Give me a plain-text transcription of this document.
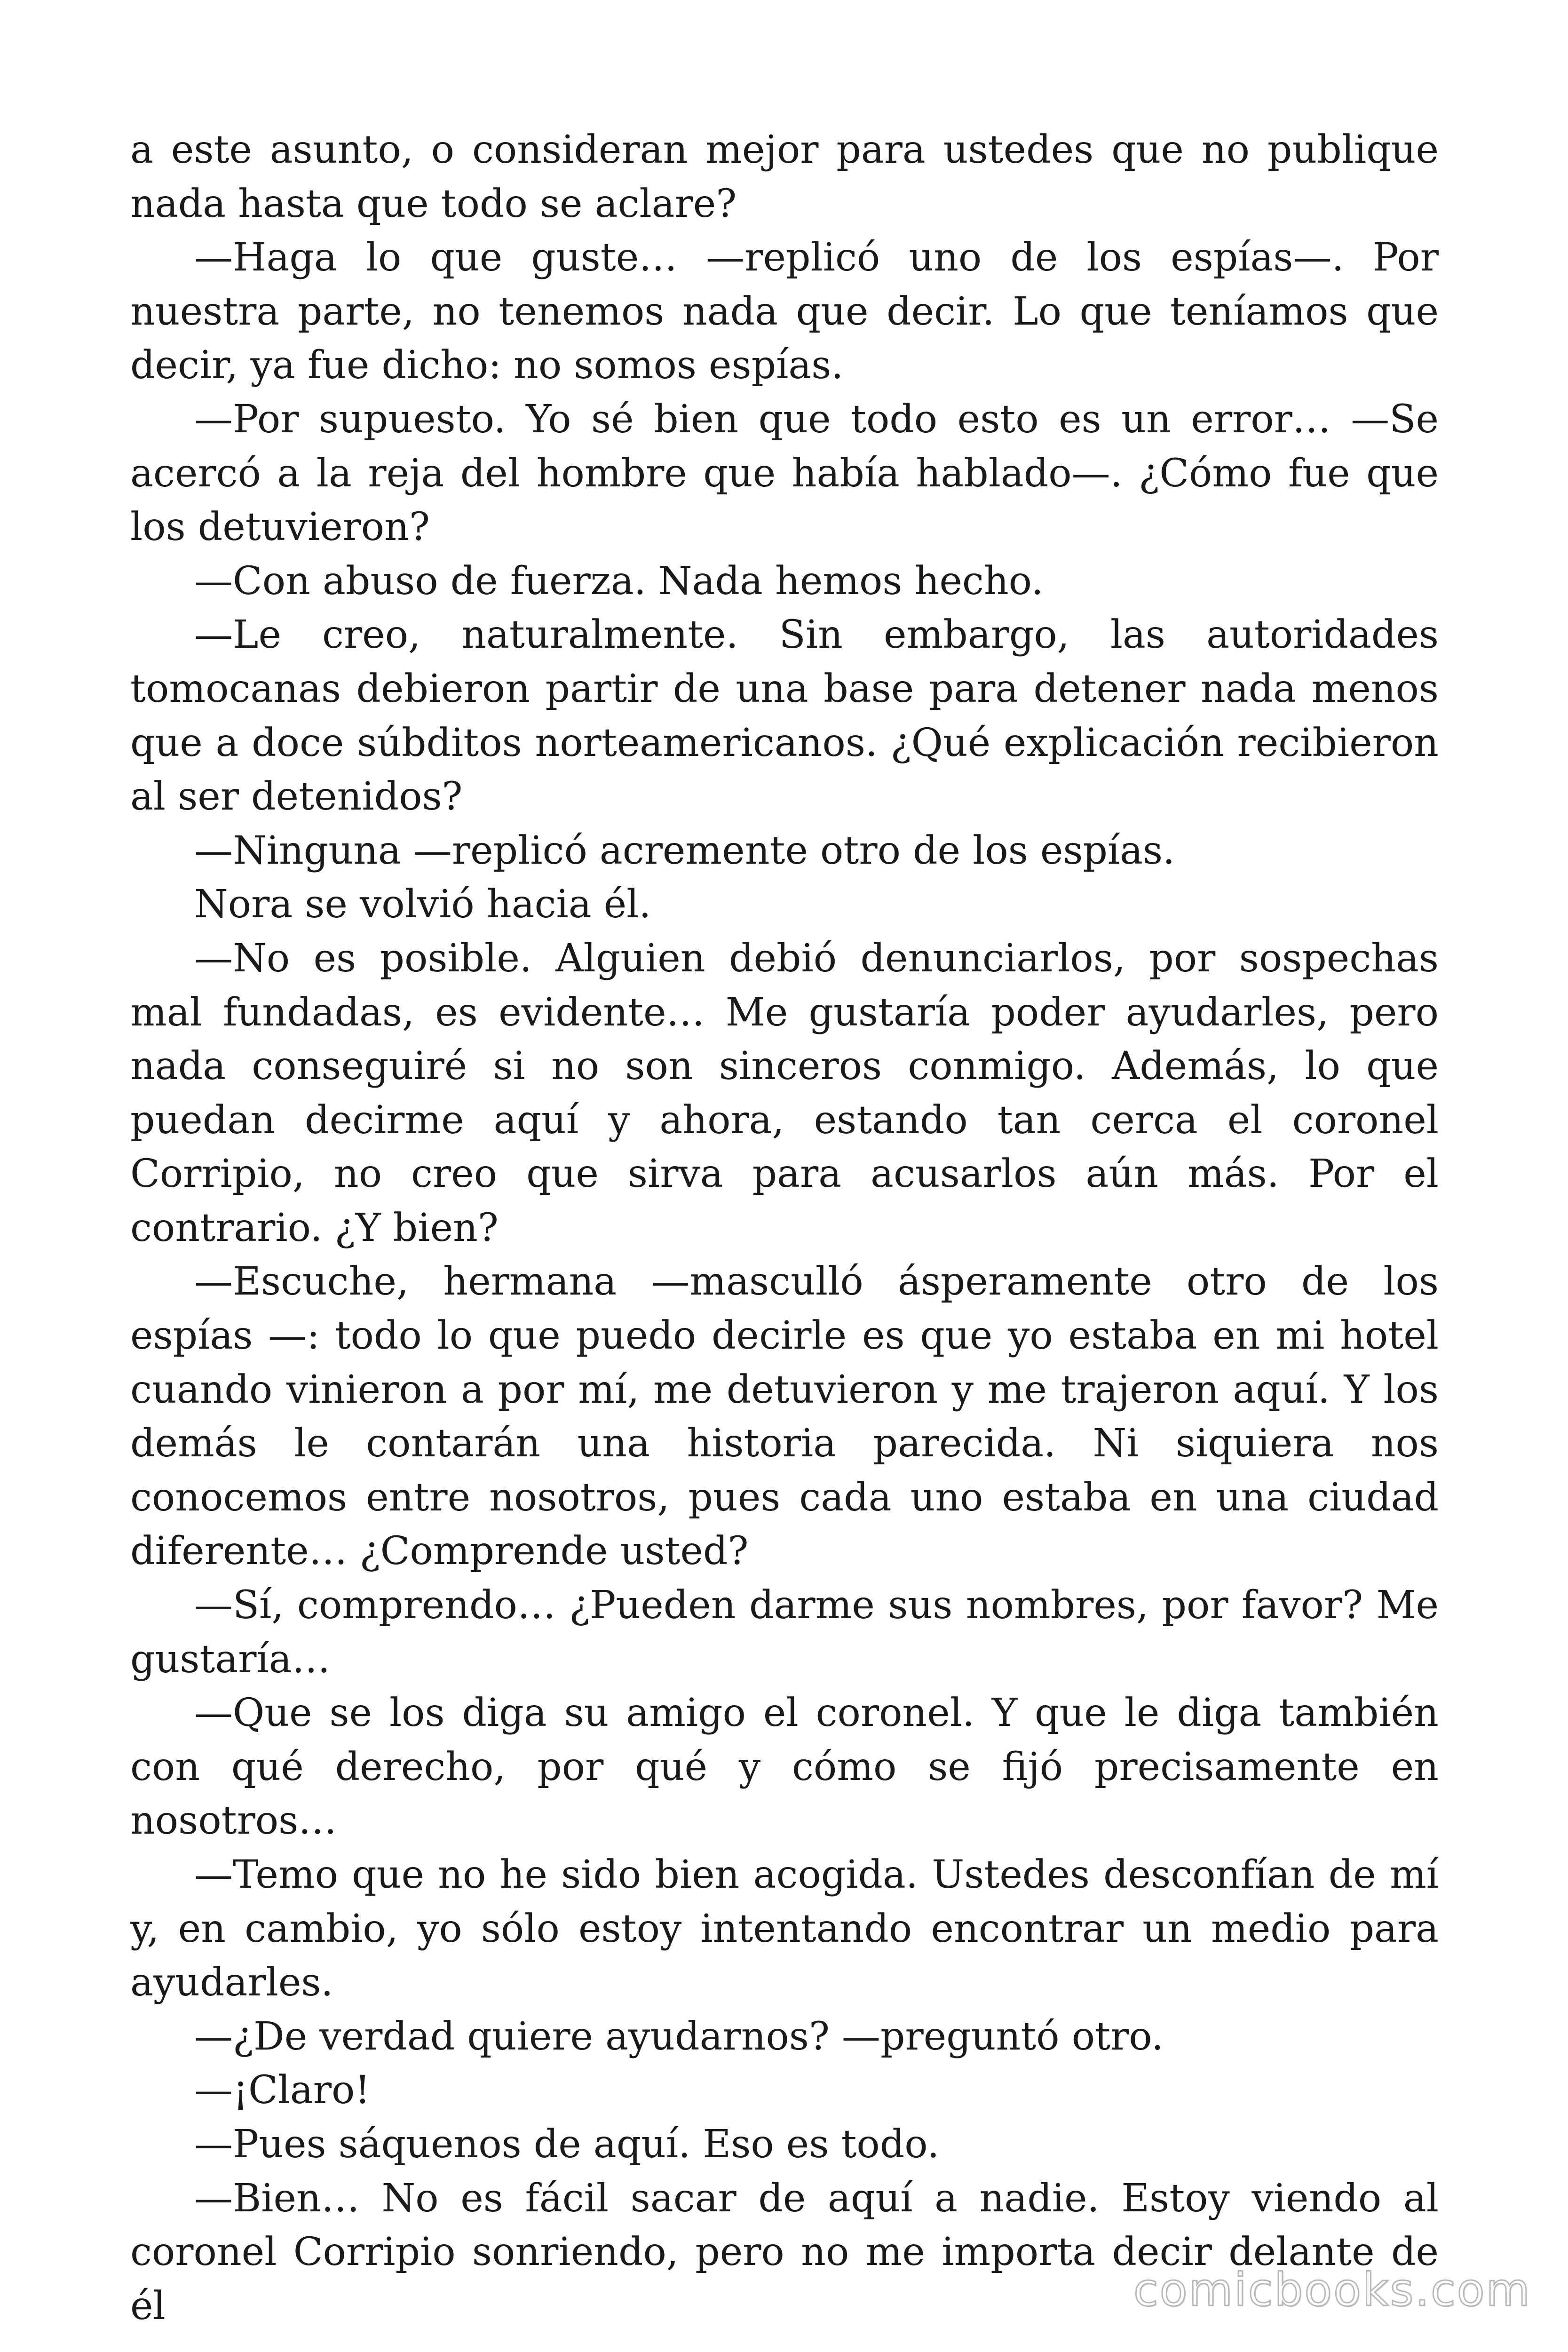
a este asunto, o consideran mejor para ustedes que no publique nada hasta que todo se aclare?

—Haga lo que guste… —replicó uno de los espías—. Por nuestra parte, no tenemos nada que decir. Lo que teníamos que decir, ya fue dicho: no somos espías.

—Por supuesto. Yo sé bien que todo esto es un error… —Se acercó a la reja del hombre que había hablado—. ¿Cómo fue que los detuvieron?

—Con abuso de fuerza. Nada hemos hecho.

—Le creo, naturalmente. Sin embargo, las autoridades tomocanas debieron partir de una base para detener nada menos que a doce súbditos norteamericanos. ¿Qué explicación recibieron al ser detenidos?

—Ninguna —replicó acremente otro de los espías.

Nora se volvió hacia él.

—No es posible. Alguien debió denunciarlos, por sospechas mal fundadas, es evidente… Me gustaría poder ayudarles, pero nada conseguiré si no son sinceros conmigo. Además, lo que puedan decirme aquí y ahora, estando tan cerca el coronel Corripio, no creo que sirva para acusarlos aún más. Por el contrario. ¿Y bien?

—Escuche, hermana —masculló ásperamente otro de los espías —: todo lo que puedo decirle es que yo estaba en mi hotel cuando vinieron a por mí, me detuvieron y me trajeron aquí. Y los demás le contarán una historia parecida. Ni siquiera nos conocemos entre nosotros, pues cada uno estaba en una ciudad diferente… ¿Comprende usted?

—Sí, comprendo… ¿Pueden darme sus nombres, por favor? Me gustaría…

—Que se los diga su amigo el coronel. Y que le diga también con qué derecho, por qué y cómo se fijó precisamente en nosotros…

—Temo que no he sido bien acogida. Ustedes desconfían de mí y, en cambio, yo sólo estoy intentando encontrar un medio para ayudarles.

—¿De verdad quiere ayudarnos? —preguntó otro.

—¡Claro!

—Pues sáquenos de aquí. Eso es todo.

—Bien… No es fácil sacar de aquí a nadie. Estoy viendo al coronel Corripio sonriendo, pero no me importa decir delante de él	comicbooks.com
